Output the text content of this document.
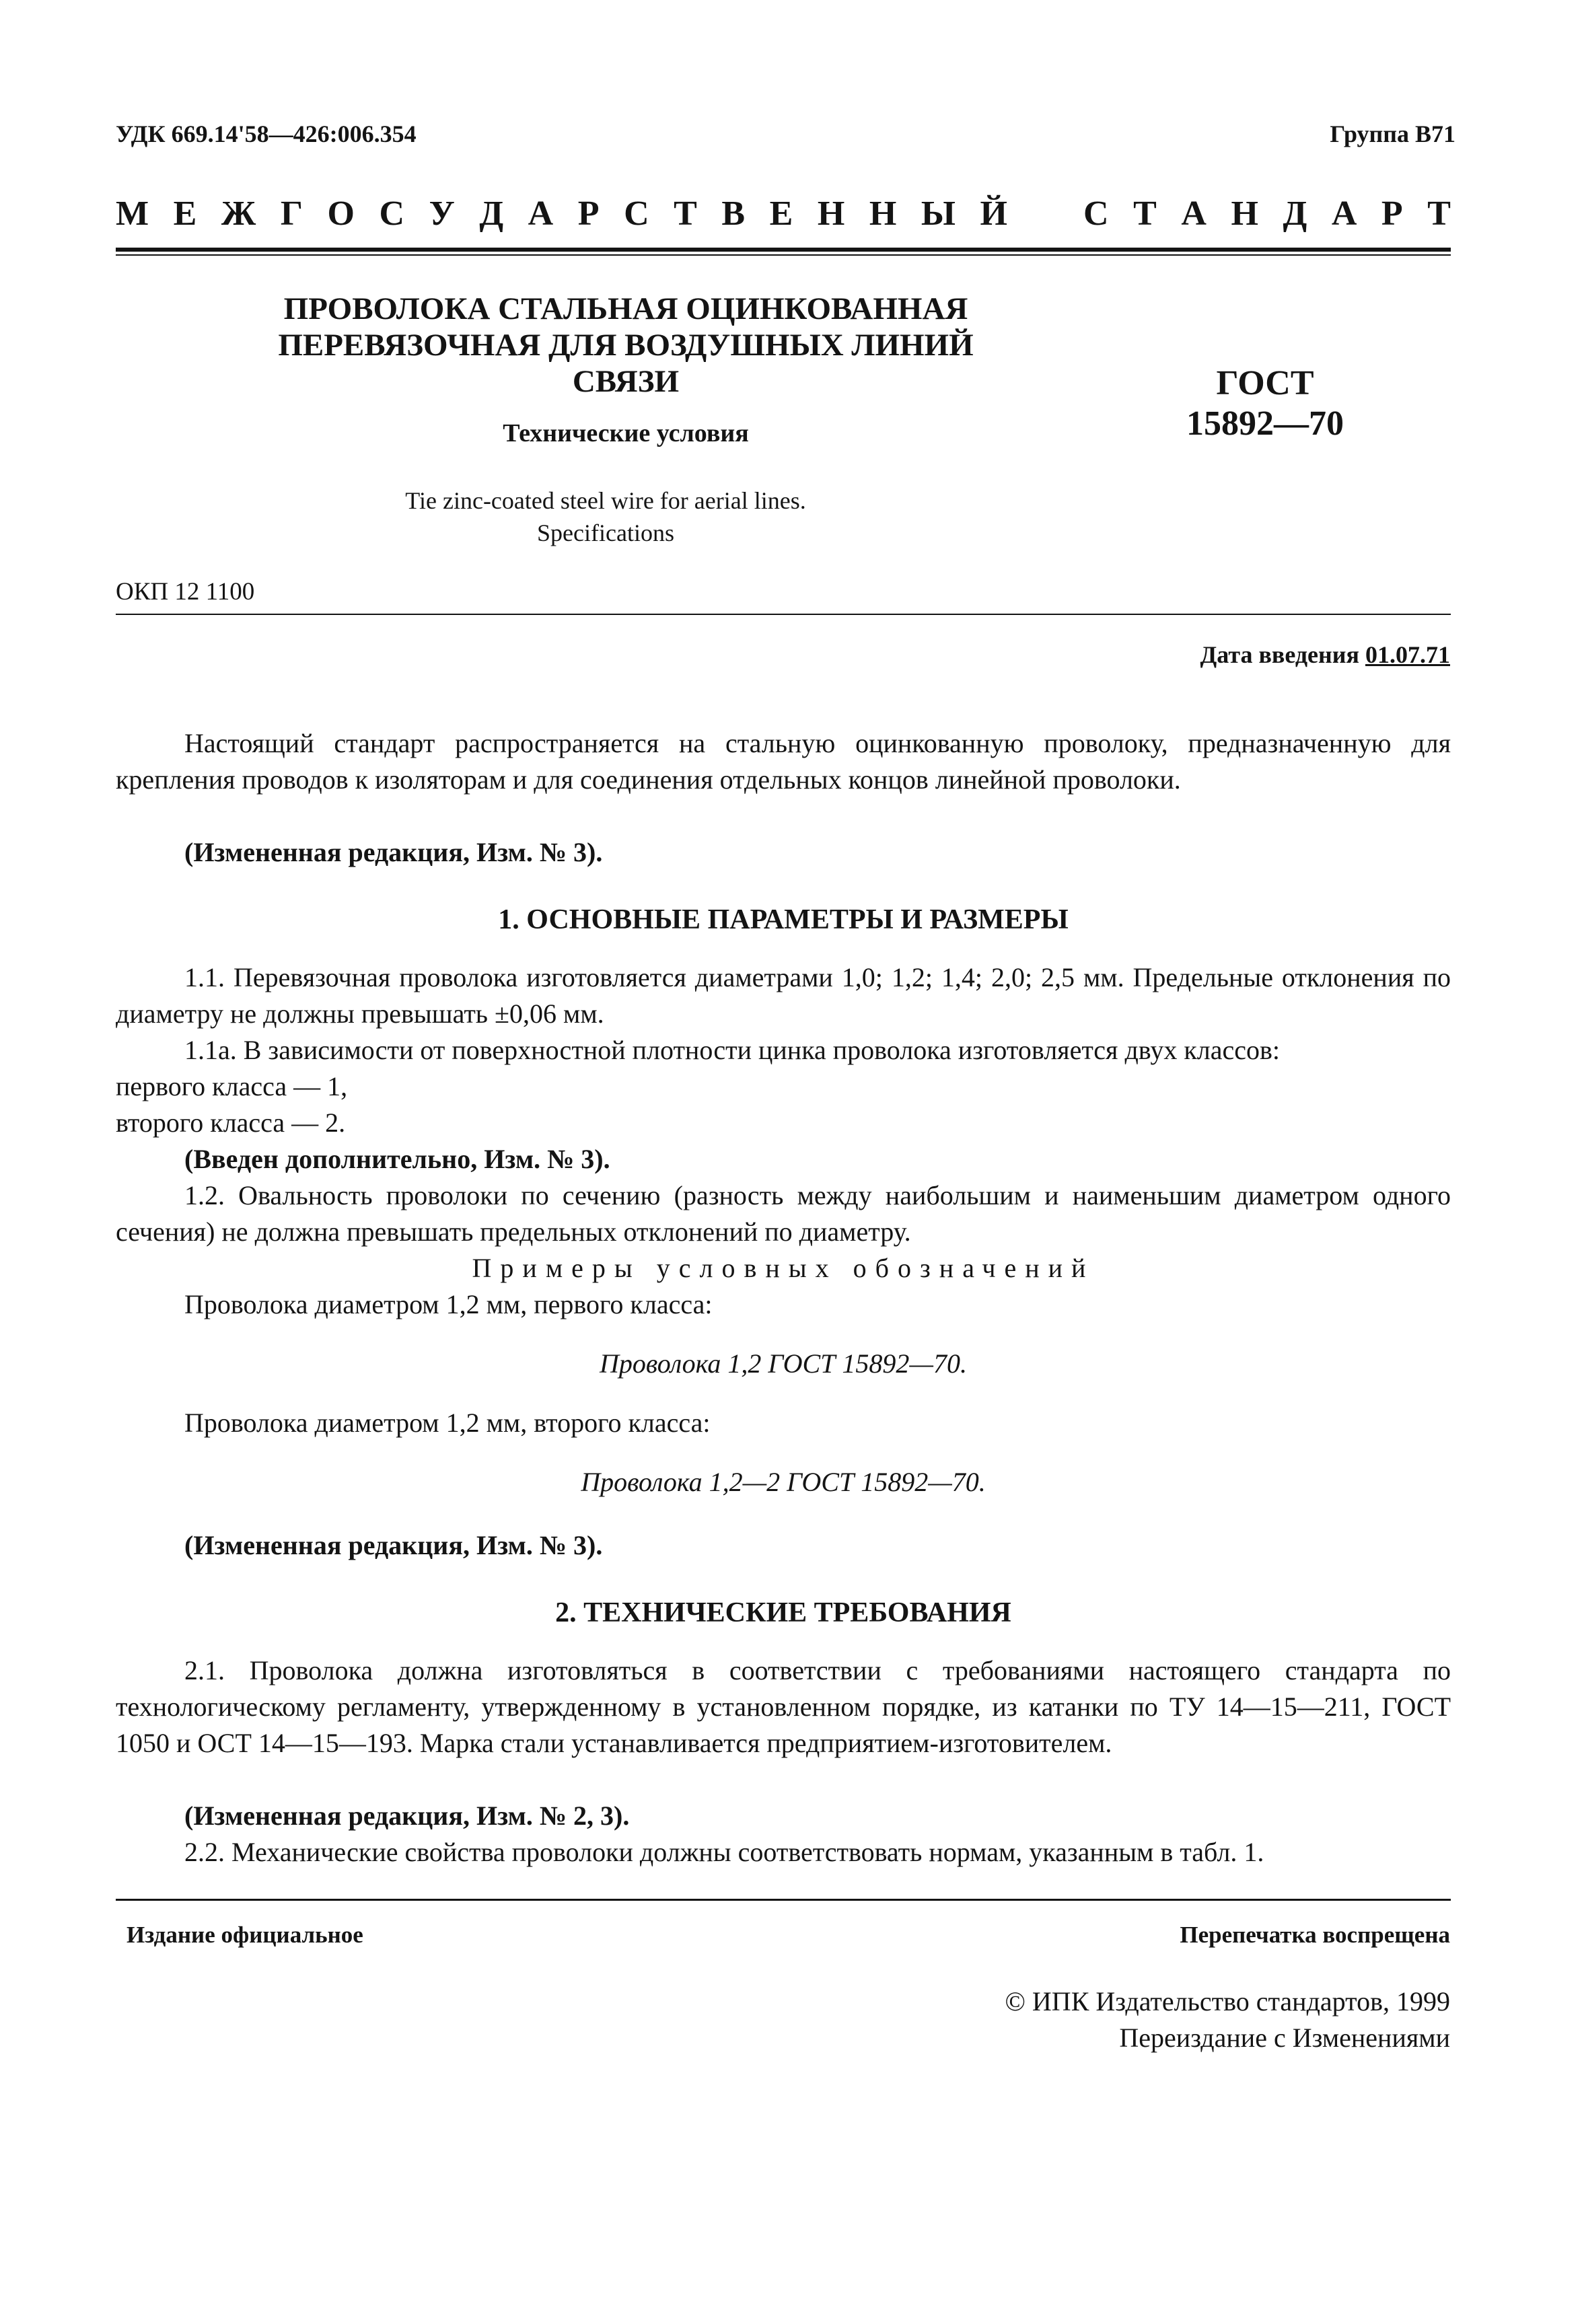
УДК 669.14'58—426:006.354	Группа В71
М Е Ж Г О С У Д А Р С Т В Е Н Н Ы Й С Т А Н Д А Р Т
ПРОВОЛОКА СТАЛЬНАЯ ОЦИНКОВАННАЯ
ПЕРЕВЯЗОЧНАЯ ДЛЯ ВОЗДУШНЫХ ЛИНИЙ
СВЯЗИ
Технические условия
ГОСТ
15892—70
Tie zinc-coated steel wire for aerial lines.
Specifications
ОКП 12 1100
Дата введения 01.07.71
Настоящий стандарт распространяется на стальную оцинкованную проволоку, предназначенную для крепления проводов к изоляторам и для соединения отдельных концов линейной проволоки.
(Измененная редакция, Изм. № 3).
1. ОСНОВНЫЕ ПАРАМЕТРЫ И РАЗМЕРЫ
1.1. Перевязочная проволока изготовляется диаметрами 1,0; 1,2; 1,4; 2,0; 2,5 мм. Предельные отклонения по диаметру не должны превышать ±0,06 мм.
1.1а. В зависимости от поверхностной плотности цинка проволока изготовляется двух классов:
первого класса — 1,
второго класса — 2.
(Введен дополнительно, Изм. № 3).
1.2. Овальность проволоки по сечению (разность между наибольшим и наименьшим диаметром одного сечения) не должна превышать предельных отклонений по диаметру.
Примеры условных обозначений
Проволока диаметром 1,2 мм, первого класса:
Проволока 1,2 ГОСТ 15892—70.
Проволока диаметром 1,2 мм, второго класса:
Проволока 1,2—2 ГОСТ 15892—70.
(Измененная редакция, Изм. № 3).
2. ТЕХНИЧЕСКИЕ ТРЕБОВАНИЯ
2.1. Проволока должна изготовляться в соответствии с требованиями настоящего стандарта по технологическому регламенту, утвержденному в установленном порядке, из катанки по ТУ 14—15—211, ГОСТ 1050 и ОСТ 14—15—193. Марка стали устанавливается предприятием-изготовителем.
(Измененная редакция, Изм. № 2, 3).
2.2. Механические свойства проволоки должны соответствовать нормам, указанным в табл. 1.
Издание официальное	Перепечатка воспрещена
© ИПК Издательство стандартов, 1999
Переиздание с Изменениями
